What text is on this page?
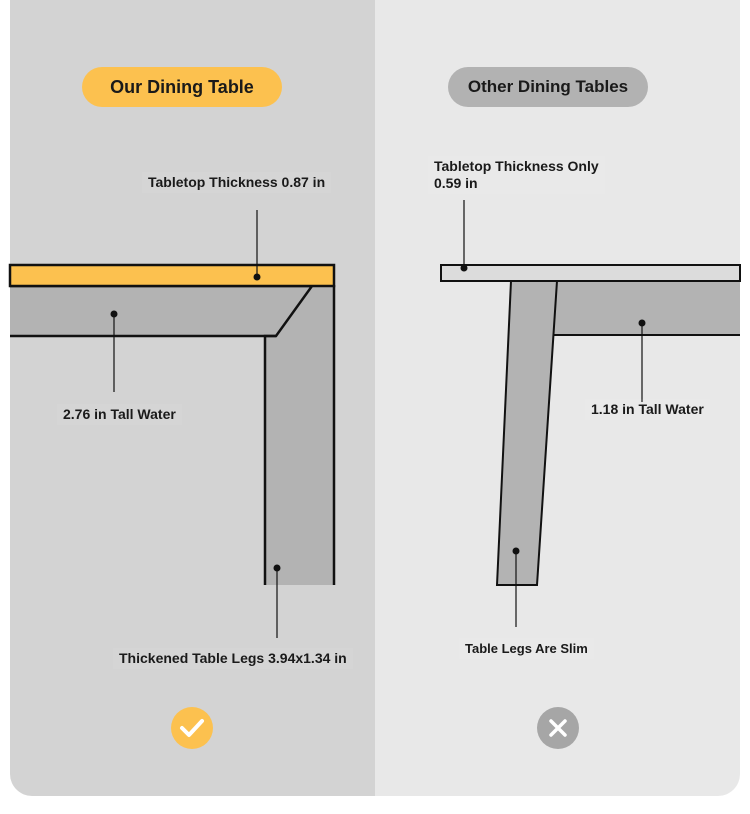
Our Dining Table	Other Dining Tables
Tabletop Thickness 0.87 in
2.76 in Tall Water
Thickened Table Legs 3.94x1.34 in
Tabletop Thickness Only
0.59 in
1.18 in Tall Water
Table Legs Are Slim
